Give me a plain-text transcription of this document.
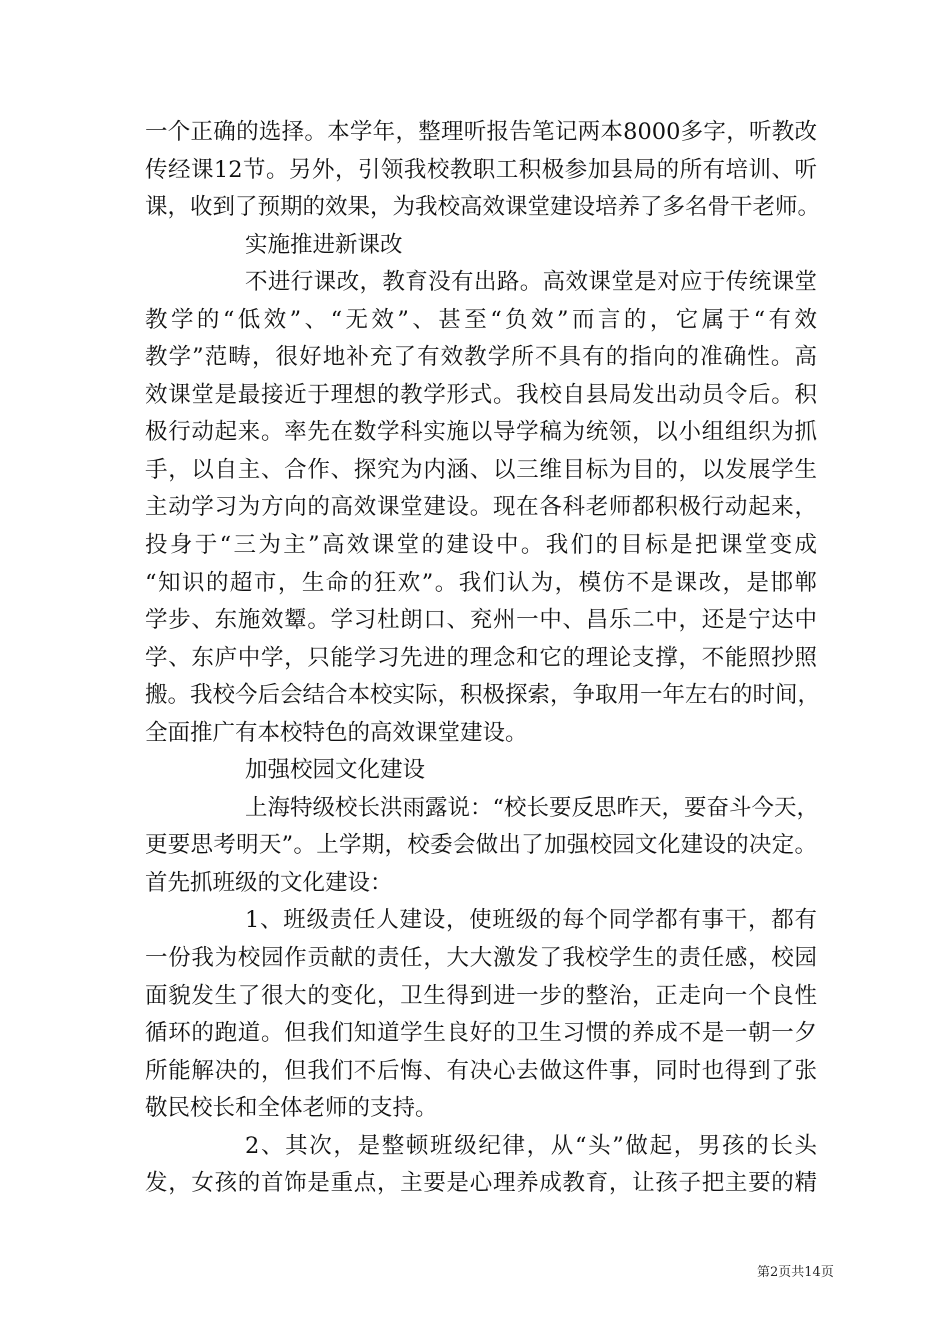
一个正确的选择。本学年，整理听报告笔记两本8000多字，听教改
传经课12节。另外，引领我校教职工积极参加县局的所有培训、听
课，收到了预期的效果，为我校高效课堂建设培养了多名骨干老师。
实施推进新课改
不进行课改，教育没有出路。高效课堂是对应于传统课堂
教学的“低效”、“无效”、甚至“负效”而言的，它属于“有效
教学”范畴，很好地补充了有效教学所不具有的指向的准确性。高
效课堂是最接近于理想的教学形式。我校自县局发出动员令后。积
极行动起来。率先在数学科实施以导学稿为统领，以小组组织为抓
手，以自主、合作、探究为内涵、以三维目标为目的，以发展学生
主动学习为方向的高效课堂建设。现在各科老师都积极行动起来，
投身于“三为主”高效课堂的建设中。我们的目标是把课堂变成
“知识的超市，生命的狂欢”。我们认为，模仿不是课改，是邯郸
学步、东施效颦。学习杜朗口、兖州一中、昌乐二中，还是宁达中
学、东庐中学，只能学习先进的理念和它的理论支撑，不能照抄照
搬。我校今后会结合本校实际，积极探索，争取用一年左右的时间，
全面推广有本校特色的高效课堂建设。
加强校园文化建设
上海特级校长洪雨露说：“校长要反思昨天，要奋斗今天，
更要思考明天”。上学期，校委会做出了加强校园文化建设的决定。
首先抓班级的文化建设：
1、班级责任人建设，使班级的每个同学都有事干，都有
一份我为校园作贡献的责任，大大激发了我校学生的责任感，校园
面貌发生了很大的变化，卫生得到进一步的整治，正走向一个良性
循环的跑道。但我们知道学生良好的卫生习惯的养成不是一朝一夕
所能解决的，但我们不后悔、有决心去做这件事，同时也得到了张
敬民校长和全体老师的支持。
2、其次，是整顿班级纪律，从“头”做起，男孩的长头
发，女孩的首饰是重点，主要是心理养成教育，让孩子把主要的精
第2页共14页
